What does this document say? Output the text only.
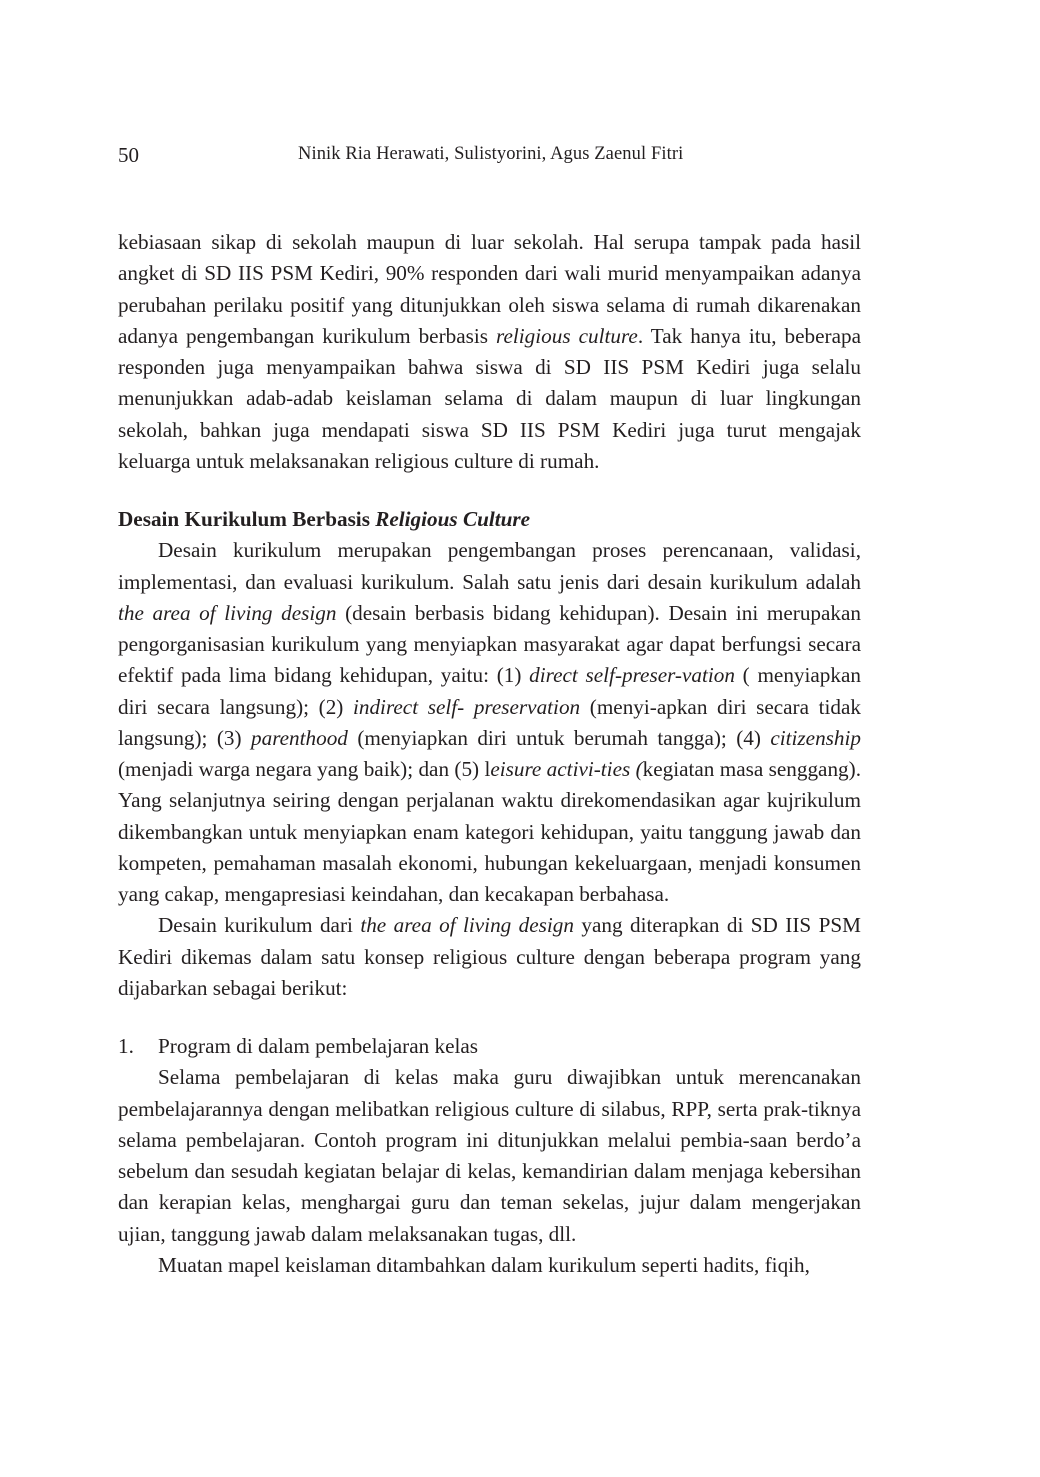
50	Ninik Ria Herawati, Sulistyorini, Agus Zaenul Fitri

kebiasaan sikap di sekolah maupun di luar sekolah. Hal serupa tampak pada hasil angket di SD IIS PSM Kediri, 90% responden dari wali murid menyampaikan adanya perubahan perilaku positif yang ditunjukkan oleh siswa selama di rumah dikarenakan adanya pengembangan kurikulum berbasis religious culture. Tak hanya itu, beberapa responden juga menyampaikan bahwa siswa di SD IIS PSM Kediri juga selalu menunjukkan adab-adab keislaman selama di dalam maupun di luar lingkungan sekolah, bahkan juga mendapati siswa SD IIS PSM Kediri juga turut mengajak keluarga untuk melaksanakan religious culture di rumah.

Desain Kurikulum Berbasis Religious Culture

Desain kurikulum merupakan pengembangan proses perencanaan, validasi, implementasi, dan evaluasi kurikulum. Salah satu jenis dari desain kurikulum adalah the area of living design (desain berbasis bidang kehidupan). Desain ini merupakan pengorganisasian kurikulum yang menyiapkan masyarakat agar dapat berfungsi secara efektif pada lima bidang kehidupan, yaitu: (1) direct self-preser-vation ( menyiapkan diri secara langsung); (2) indirect self- preservation (menyi-apkan diri secara tidak langsung); (3) parenthood (menyiapkan diri untuk berumah tangga); (4) citizenship (menjadi warga negara yang baik); dan (5) leisure activi-ties (kegiatan masa senggang). Yang selanjutnya seiring dengan perjalanan waktu direkomendasikan agar kujrikulum dikembangkan untuk menyiapkan enam kategori kehidupan, yaitu tanggung jawab dan kompeten, pemahaman masalah ekonomi, hubungan kekeluargaan, menjadi konsumen yang cakap, mengapresiasi keindahan, dan kecakapan berbahasa.

Desain kurikulum dari the area of living design yang diterapkan di SD IIS PSM Kediri dikemas dalam satu konsep religious culture dengan beberapa program yang dijabarkan sebagai berikut:

1. Program di dalam pembelajaran kelas

Selama pembelajaran di kelas maka guru diwajibkan untuk merencanakan pembelajarannya dengan melibatkan religious culture di silabus, RPP, serta prak-tiknya selama pembelajaran. Contoh program ini ditunjukkan melalui pembia-saan berdo’a sebelum dan sesudah kegiatan belajar di kelas, kemandirian dalam menjaga kebersihan dan kerapian kelas, menghargai guru dan teman sekelas, jujur dalam mengerjakan ujian, tanggung jawab dalam melaksanakan tugas, dll.

Muatan mapel keislaman ditambahkan dalam kurikulum seperti hadits, fiqih,
